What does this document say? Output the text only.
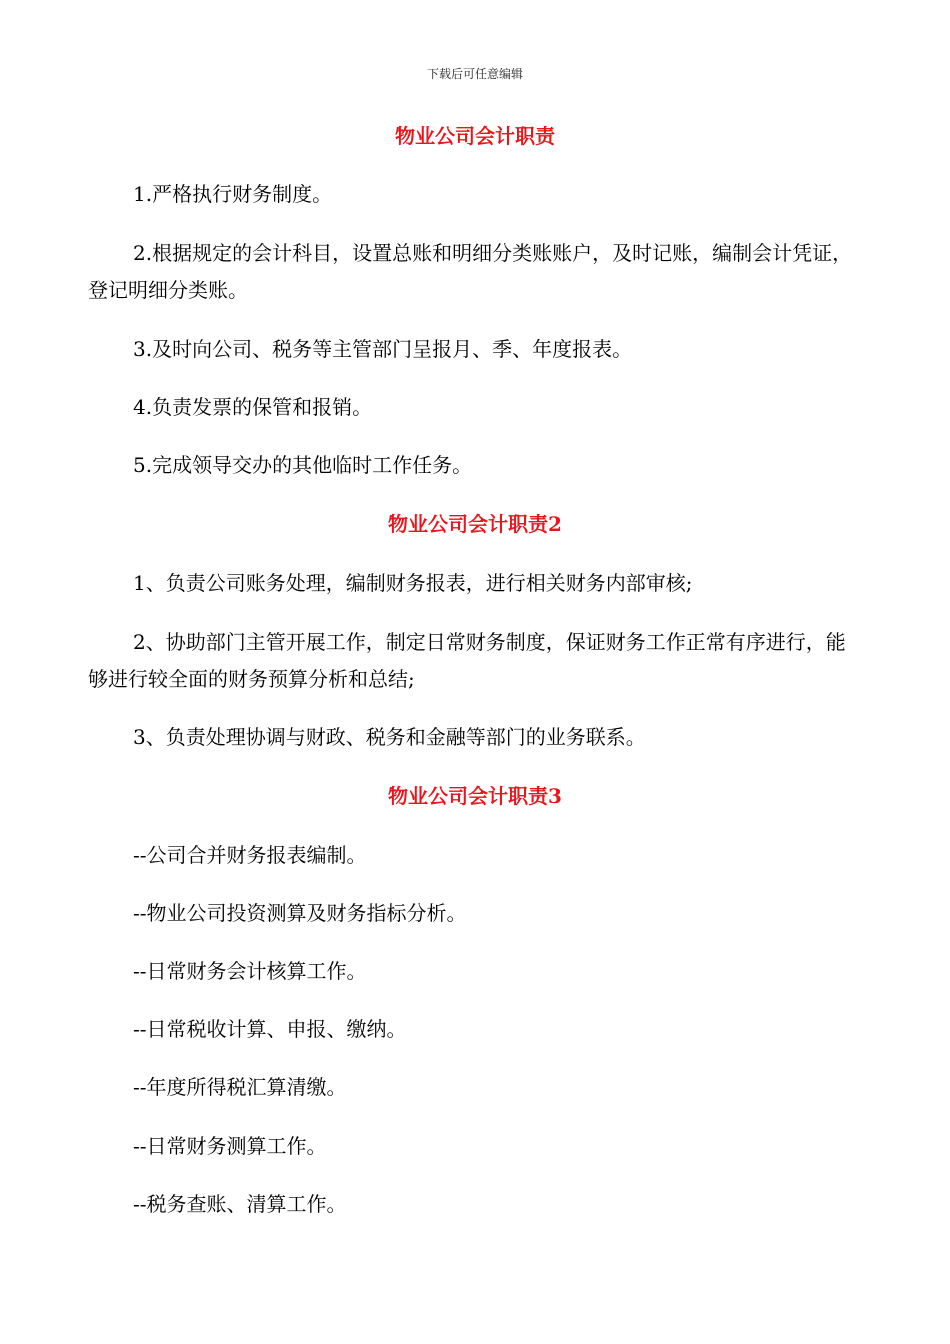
下载后可任意编辑
物业公司会计职责

1.严格执行财务制度。

2.根据规定的会计科目，设置总账和明细分类账账户，及时记账，编制会计凭证，登记明细分类账。

3.及时向公司、税务等主管部门呈报月、季、年度报表。

4.负责发票的保管和报销。

5.完成领导交办的其他临时工作任务。

物业公司会计职责2

1、负责公司账务处理，编制财务报表，进行相关财务内部审核;

2、协助部门主管开展工作，制定日常财务制度，保证财务工作正常有序进行，能够进行较全面的财务预算分析和总结;

3、负责处理协调与财政、税务和金融等部门的业务联系。

物业公司会计职责3

--公司合并财务报表编制。

--物业公司投资测算及财务指标分析。

--日常财务会计核算工作。

--日常税收计算、申报、缴纳。

--年度所得税汇算清缴。

--日常财务测算工作。

--税务查账、清算工作。
